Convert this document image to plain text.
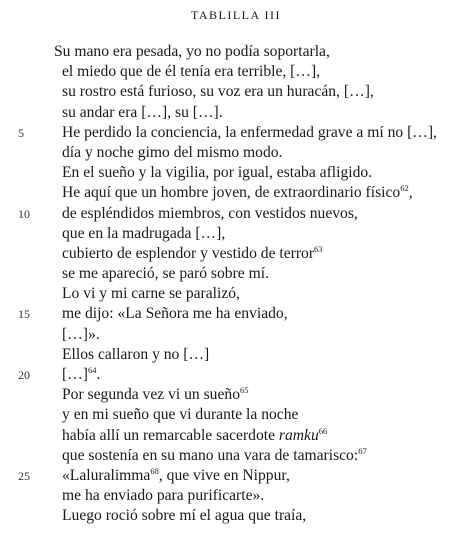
TABLILLA III
Su mano era pesada, yo no podía soportarla,
el miedo que de él tenía era terrible, […],
su rostro está furioso, su voz era un huracán, […],
su andar era […], su […].
5	He perdido la conciencia, la enfermedad grave a mí no […],
día y noche gimo del mismo modo.
En el sueño y la vigilia, por igual, estaba afligido.
He aquí que un hombre joven, de extraordinario físico$^{62}$,
10	de espléndidos miembros, con vestidos nuevos,
que en la madrugada […],
cubierto de esplendor y vestido de terror$^{63}$
se me apareció, se paró sobre mí.
Lo vi y mi carne se paralizó,
15	me dijo: «La Señora me ha enviado,
[…]».
Ellos callaron y no […]
20	[…]$^{64}$.
Por segunda vez vi un sueño$^{65}$
y en mi sueño que vi durante la noche
había allí un remarcable sacerdote ramku$^{66}$
que sostenía en su mano una vara de tamarisco:$^{67}$
25	«Laluralimma$^{68}$, que vive en Nippur,
me ha enviado para purificarte».
Luego roció sobre mí el agua que traía,
